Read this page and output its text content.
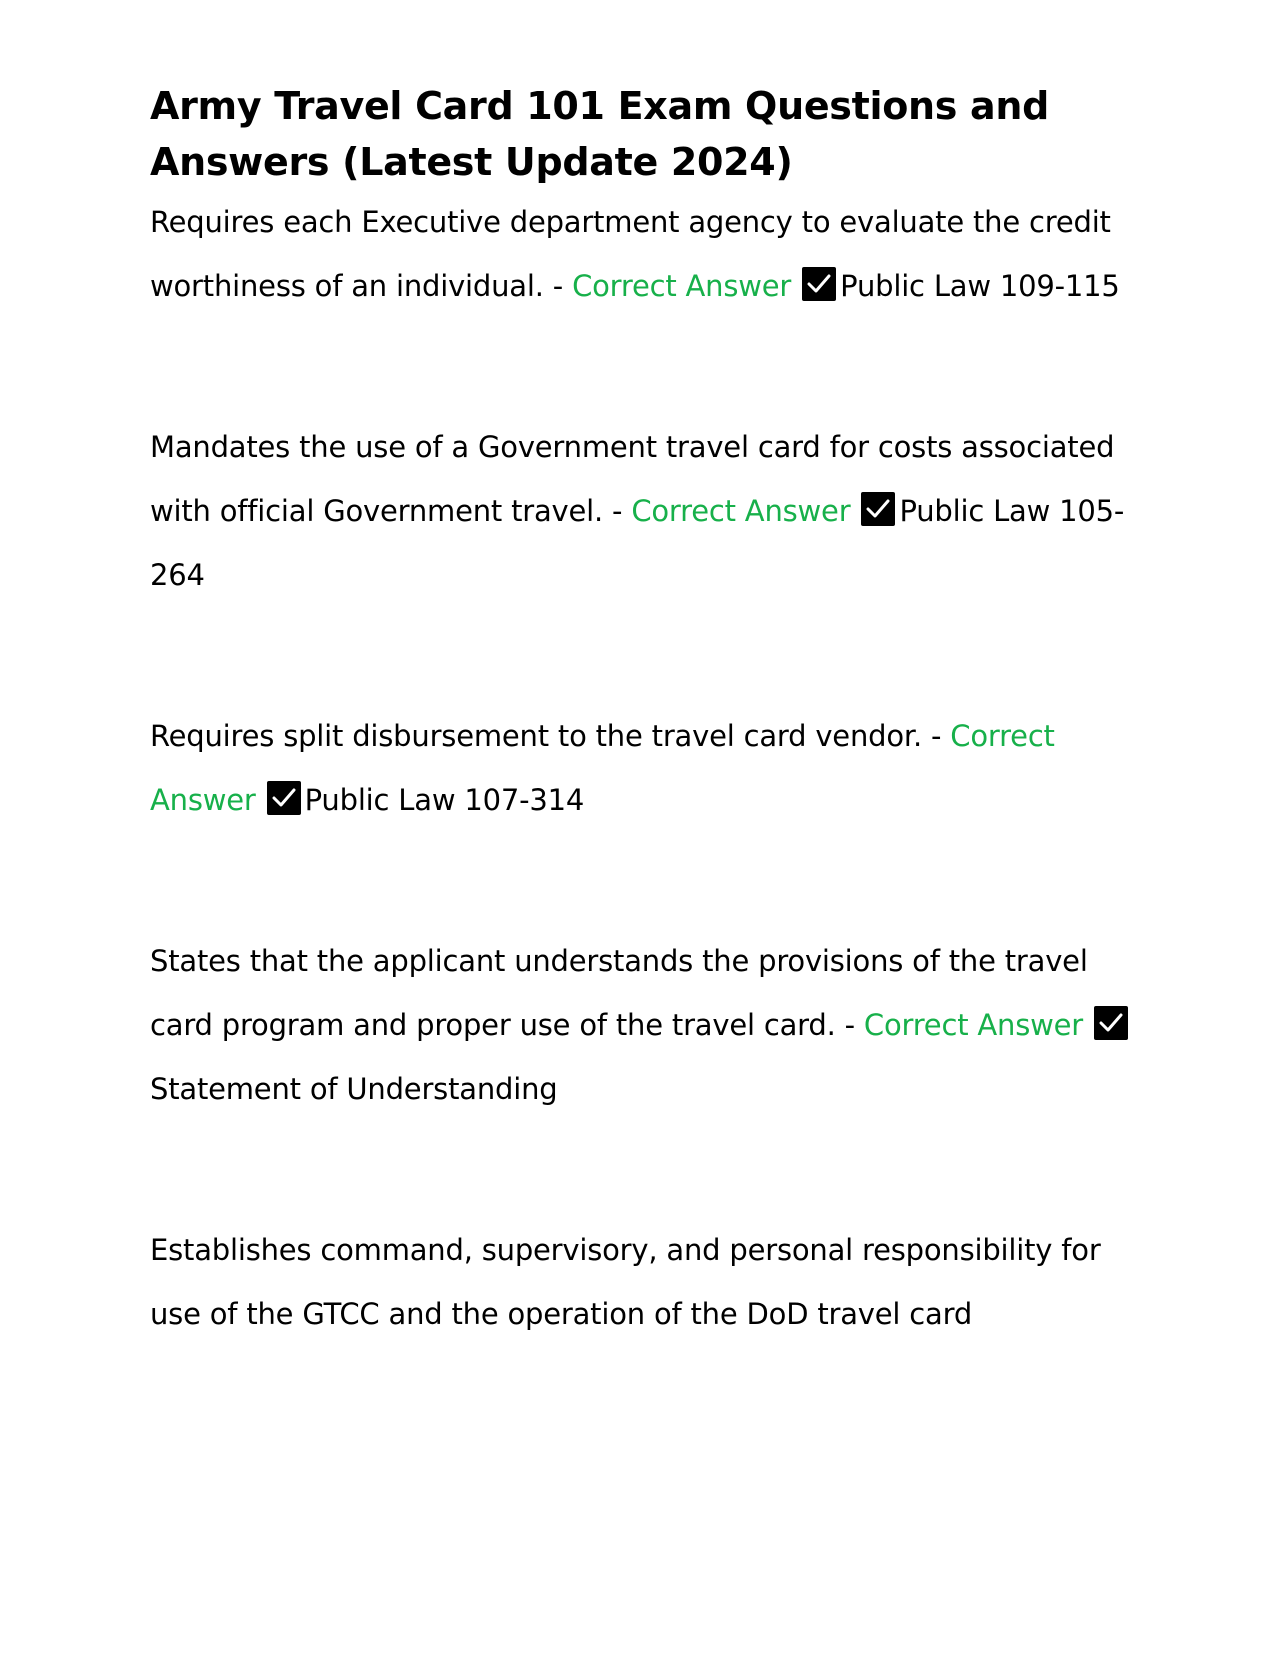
Army Travel Card 101 Exam Questions and Answers (Latest Update 2024)

Requires each Executive department agency to evaluate the credit worthiness of an individual. - Correct Answer Public Law 109-115

Mandates the use of a Government travel card for costs associated with official Government travel. - Correct Answer Public Law 105-264

Requires split disbursement to the travel card vendor. - Correct Answer Public Law 107-314

States that the applicant understands the provisions of the travel card program and proper use of the travel card. - Correct Answer
Statement of Understanding

Establishes command, supervisory, and personal responsibility for use of the GTCC and the operation of the DoD travel card
